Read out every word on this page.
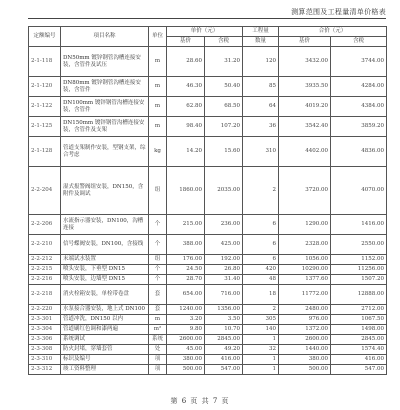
测算范围及工程量清单价格表
定额编号	项目名称	单位	单价（元）		工程量	合价（元）	
			基价	含税	数量	基价	含税
2-1-118	DN50mm 镀锌钢管沟槽连接安装，含管件及试压	m	28.60	31.20	120	3432.00	3744.00
2-1-120	DN80mm 镀锌钢管沟槽连接安装，含管件	m	46.30	50.40	85	3935.50	4284.00
2-1-122	DN100mm 镀锌钢管沟槽连接安装，含管件	m	62.80	68.50	64	4019.20	4384.00
2-1-125	DN150mm 镀锌钢管沟槽连接安装，含管件及支架	m	98.40	107.20	36	3542.40	3859.20
2-1-128	管道支架制作安装，型钢支架，综合考虑	kg	14.20	15.60	310	4402.00	4836.00
2-2-204	湿式报警阀组安装，DN150，含附件及调试	组	1860.00	2035.00	2	3720.00	4070.00
2-2-206	水流指示器安装，DN100，沟槽连接	个	215.00	236.00	6	1290.00	1416.00
2-2-210	信号蝶阀安装，DN100，含接线	个	388.00	425.00	6	2328.00	2550.00
2-2-212	末端试水装置	组	176.00	192.00	6	1056.00	1152.00
2-2-215	喷头安装，下垂型 DN15	个	24.50	26.80	420	10290.00	11256.00
2-2-216	喷头安装，边墙型 DN15	个	28.70	31.40	48	1377.60	1507.20
2-2-218	消火栓箱安装，单栓带卷盘	套	654.00	716.00	18	11772.00	12888.00
2-2-220	水泵接合器安装，地上式 DN100	套	1240.00	1356.00	2	2480.00	2712.00
2-3-301	管道冲洗，DN150 以内	m	3.20	3.50	305	976.00	1067.50
2-3-304	管道刷红色调和漆两遍	m²	9.80	10.70	140	1372.00	1498.00
2-3-306	系统调试	系统	2600.00	2845.00	1	2600.00	2845.00
2-3-308	防火封堵，穿墙套管	处	45.00	49.20	32	1440.00	1574.40
2-3-310	标识及编号	项	380.00	416.00	1	380.00	416.00
2-3-312	竣工资料整理	项	500.00	547.00	1	500.00	547.00
第 6 页 共 7 页
